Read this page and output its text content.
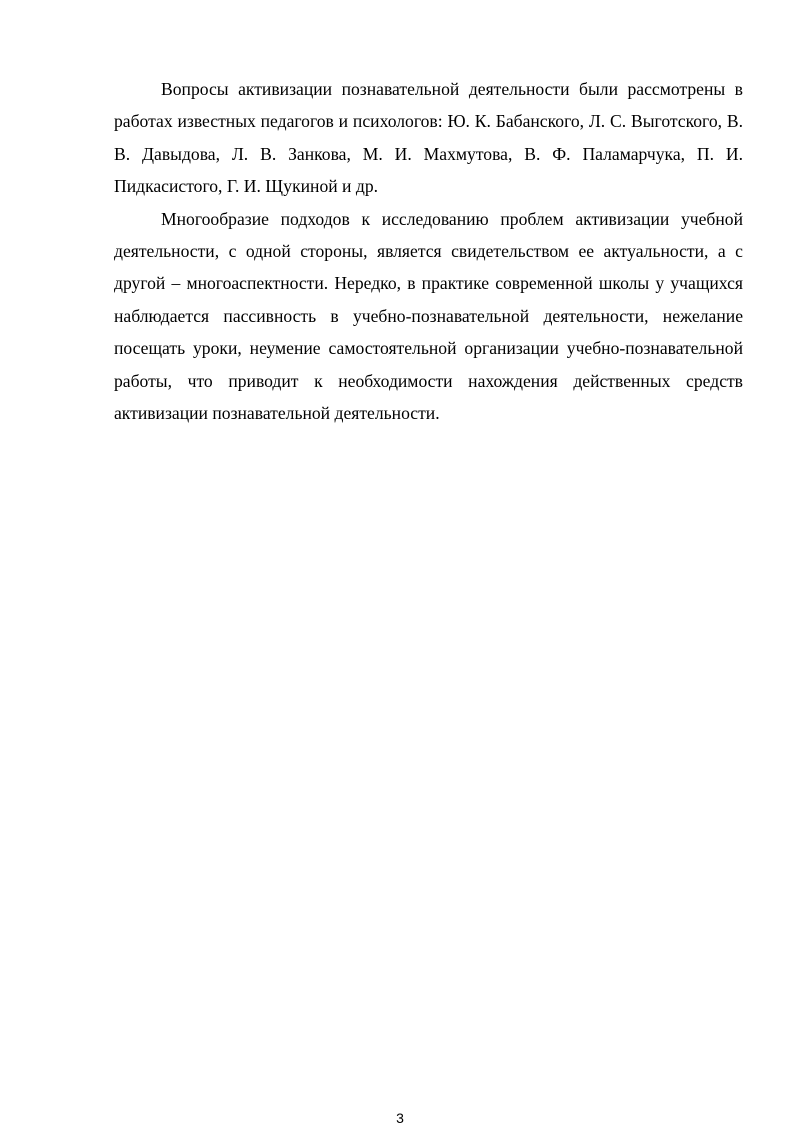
Вопросы активизации познавательной деятельности были рассмотрены в работах известных педагогов и психологов: Ю. К. Бабанского, Л. С. Выготского, В. В. Давыдова, Л. В. Занкова, М. И. Махмутова, В. Ф. Паламарчука, П. И. Пидкасистого, Г. И. Щукиной и др.

Многообразие подходов к исследованию проблем активизации учебной деятельности, с одной стороны, является свидетельством ее актуальности, а с другой – многоаспектности. Нередко, в практике современной школы у учащихся наблюдается пассивность в учебно-познавательной деятельности, нежелание посещать уроки, неумение самостоятельной организации учебно-познавательной работы, что приводит к необходимости нахождения действенных средств активизации познавательной деятельности.

3
